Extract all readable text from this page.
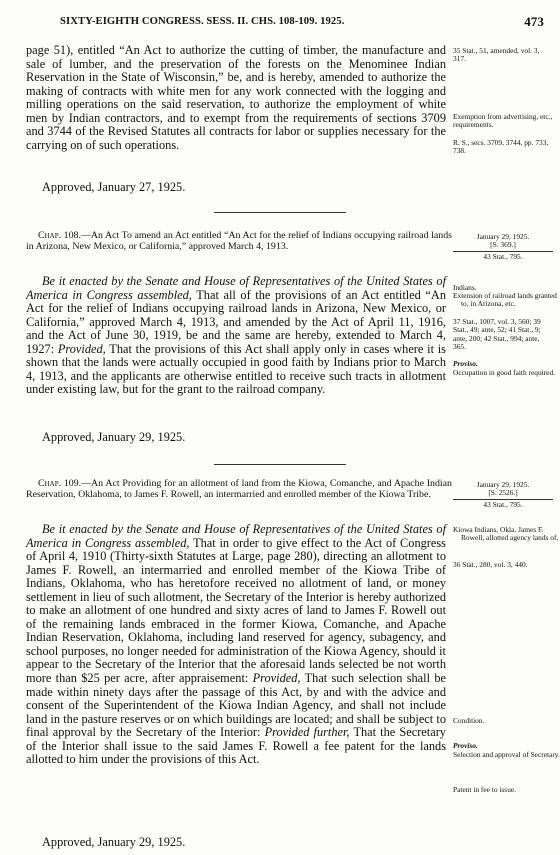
SIXTY-EIGHTH CONGRESS. SESS. II. CHS. 108-109. 1925.	473

page 51), entitled “An Act to authorize the cutting of timber, the manufacture and sale of lumber, and the preservation of the forests on the Menominee Indian Reservation in the State of Wisconsin,” be, and is hereby, amended to authorize the making of contracts with white men for any work connected with the logging and milling operations on the said reservation, to authorize the employment of white men by Indian contractors, and to exempt from the requirements of sections 3709 and 3744 of the Revised Statutes all contracts for labor or supplies necessary for the carrying on of such operations.

Approved, January 27, 1925.
35 Stat., 51, amended, vol. 3, 317.
Exemption from advertising, etc., requirements.
R. S., secs. 3709, 3744, pp. 733, 738.
Chap. 108.—An Act To amend an Act entitled “An Act for the relief of Indians occupying railroad lands in Arizona, New Mexico, or California,” approved March 4, 1913.
January 29, 1925.
[S. 369.]
43 Stat., 795.

Be it enacted by the Senate and House of Representatives of the United States of America in Congress assembled, That all of the provisions of an Act entitled “An Act for the relief of Indians occupying railroad lands in Arizona, New Mexico, or California,” approved March 4, 1913, and amended by the Act of April 11, 1916, and the Act of June 30, 1919, be and the same are hereby, extended to March 4, 1927: Provided, That the provisions of this Act shall apply only in cases where it is shown that the lands were actually occupied in good faith by Indians prior to March 4, 1913, and the applicants are otherwise entitled to receive such tracts in allotment under existing law, but for the grant to the railroad company.

Approved, January 29, 1925.
Indians.
Extension of railroad lands granted to, in Arizona, etc.
37 Stat., 1007, vol. 3, 560; 39 Stat., 49; ante, 52; 41 Stat., 9; ante, 200; 42 Stat., 994; ante, 365.
Proviso.
Occupation in good faith required.
Chap. 109.—An Act Providing for an allotment of land from the Kiowa, Comanche, and Apache Indian Reservation, Oklahoma, to James F. Rowell, an intermarried and enrolled member of the Kiowa Tribe.
January 29, 1925.
[S. 2526.]
43 Stat., 795.

Be it enacted by the Senate and House of Representatives of the United States of America in Congress assembled, That in order to give effect to the Act of Congress of April 4, 1910 (Thirty-sixth Statutes at Large, page 280), directing an allotment to James F. Rowell, an intermarried and enrolled member of the Kiowa Tribe of Indians, Oklahoma, who has heretofore received no allotment of land, or money settlement in lieu of such allotment, the Secretary of the Interior is hereby authorized to make an allotment of one hundred and sixty acres of land to James F. Rowell out of the remaining lands embraced in the former Kiowa, Comanche, and Apache Indian Reservation, Oklahoma, including land reserved for agency, subagency, and school purposes, no longer needed for administration of the Kiowa Agency, should it appear to the Secretary of the Interior that the aforesaid lands selected be not worth more than $25 per acre, after appraisement: Provided, That such selection shall be made within ninety days after the passage of this Act, by and with the advice and consent of the Superintendent of the Kiowa Indian Agency, and shall not include land in the pasture reserves or on which buildings are located; and shall be subject to final approval by the Secretary of the Interior: Provided further, That the Secretary of the Interior shall issue to the said James F. Rowell a fee patent for the lands allotted to him under the provisions of this Act.

Approved, January 29, 1925.
Kiowa Indians, Okla. James F. Rowell, allotted agency lands of.
36 Stat., 280, vol. 3, 440.
Condition.
Proviso.
Selection and approval of Secretary.
Patent in fee to issue.
